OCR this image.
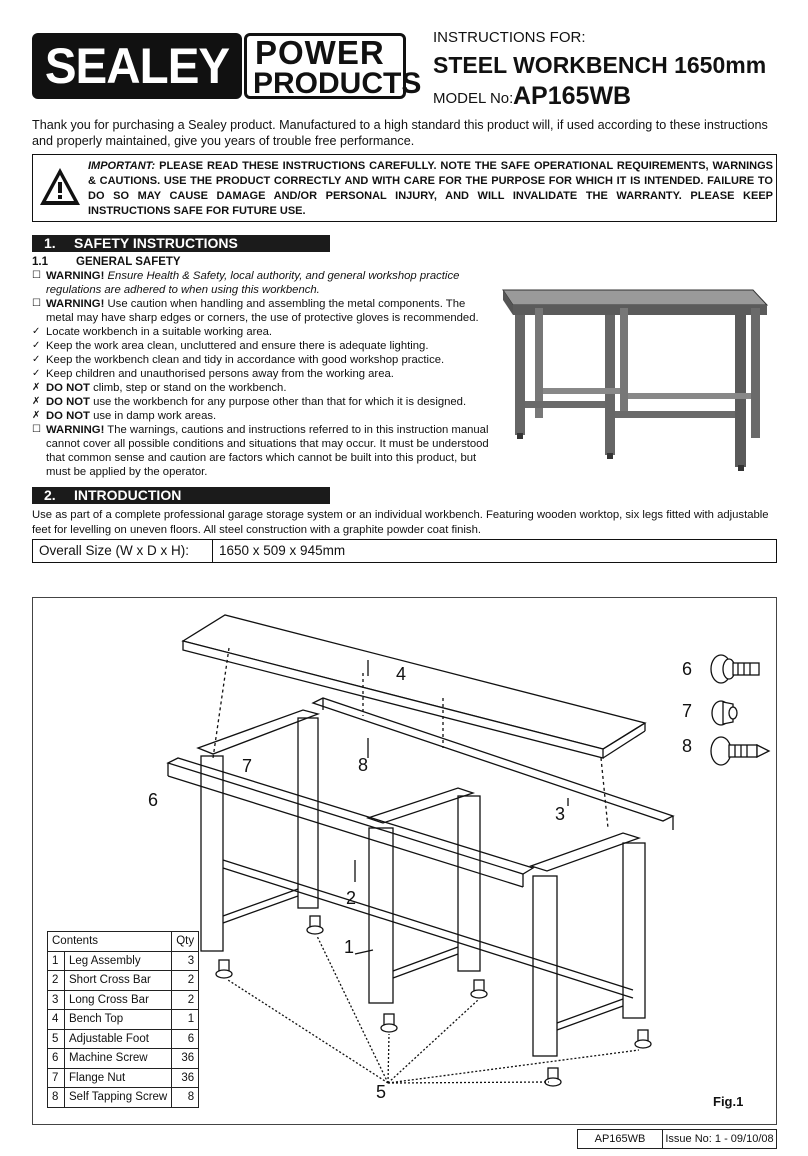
SEALEY POWER
PRODUCTS
INSTRUCTIONS FOR:
STEEL WORKBENCH 1650mm
MODEL No: AP165WB
Thank you for purchasing a Sealey product. Manufactured to a high standard this product will, if used according to these instructions and properly maintained, give you years of trouble free performance.
IMPORTANT: PLEASE READ THESE INSTRUCTIONS CAREFULLY. NOTE THE SAFE OPERATIONAL REQUIREMENTS, WARNINGS & CAUTIONS. USE THE PRODUCT CORRECTLY AND WITH CARE FOR THE PURPOSE FOR WHICH IT IS INTENDED. FAILURE TO DO SO MAY CAUSE DAMAGE AND/OR PERSONAL INJURY, AND WILL INVALIDATE THE WARRANTY. PLEASE KEEP INSTRUCTIONS SAFE FOR FUTURE USE.
1. SAFETY INSTRUCTIONS
1.1 GENERAL SAFETY
☐ WARNING! Ensure Health & Safety, local authority, and general workshop practice regulations are adhered to when using this workbench.
☐ WARNING! Use caution when handling and assembling the metal components. The metal may have sharp edges or corners, the use of protective gloves is recommended.
✓ Locate workbench in a suitable working area.
✓ Keep the work area clean, uncluttered and ensure there is adequate lighting.
✓ Keep the workbench clean and tidy in accordance with good workshop practice.
✓ Keep children and unauthorised persons away from the working area.
✗ DO NOT climb, step or stand on the workbench.
✗ DO NOT use the workbench for any purpose other than that for which it is designed.
✗ DO NOT use in damp work areas.
☐ WARNING! The warnings, cautions and instructions referred to in this instruction manual cannot cover all possible conditions and situations that may occur. It must be understood that common sense and caution are factors which cannot be built into this product, but must be applied by the operator.
2. INTRODUCTION
Use as part of a complete professional garage storage system or an individual workbench. Featuring wooden worktop, six legs fitted with adjustable feet for levelling on uneven floors. All steel construction with a graphite powder coat finish.
Overall Size (W x D x H):	1650 x 509 x 945mm
1
2
3
4
5
6
6
7
7
8
8
Fig.1
Contents		Qty
1	Leg Assembly	3
2	Short Cross Bar	2
3	Long Cross Bar	2
4	Bench Top	1
5	Adjustable Foot	6
6	Machine Screw	36
7	Flange Nut	36
8	Self Tapping Screw	8
AP165WB	Issue No: 1 - 09/10/08
